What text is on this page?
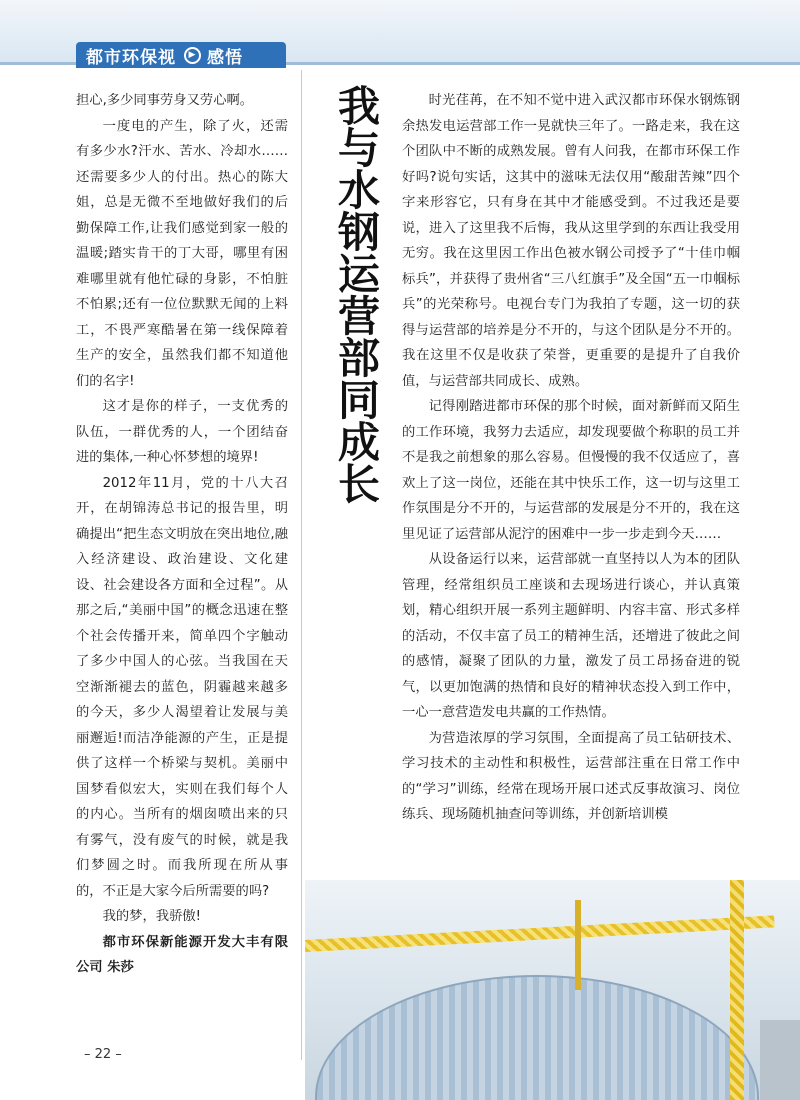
都市环保视	▶ 感悟

担心,多少同事劳身又劳心啊。

一度电的产生，除了火，还需有多少水?汗水、苦水、冷却水……还需要多少人的付出。热心的陈大姐，总是无微不至地做好我们的后勤保障工作,让我们感觉到家一般的温暖;踏实肯干的丁大哥，哪里有困难哪里就有他忙碌的身影，不怕脏不怕累;还有一位位默默无闻的上料工，不畏严寒酷暑在第一线保障着生产的安全，虽然我们都不知道他们的名字!

这才是你的样子，一支优秀的队伍，一群优秀的人，一个团结奋进的集体,一种心怀梦想的境界!

2012年11月，党的十八大召开，在胡锦涛总书记的报告里，明确提出“把生态文明放在突出地位,融入经济建设、政治建设、文化建设、社会建设各方面和全过程”。从那之后,“美丽中国”的概念迅速在整个社会传播开来，简单四个字触动了多少中国人的心弦。当我国在天空渐渐褪去的蓝色，阴霾越来越多的今天，多少人渴望着让发展与美丽邂逅!而洁净能源的产生，正是提供了这样一个桥梁与契机。美丽中国梦看似宏大，实则在我们每个人的内心。当所有的烟囱喷出来的只有雾气，没有废气的时候，就是我们梦圆之时。而我所现在所从事的，不正是大家今后所需要的吗?

我的梦，我骄傲!

都市环保新能源开发大丰有限公司 朱莎

我与水钢运营部同成长	时光荏苒，在不知不觉中进入武汉都市环保水钢炼钢余热发电运营部工作一晃就快三年了。一路走来，我在这个团队中不断的成熟发展。曾有人问我，在都市环保工作好吗?说句实话，这其中的滋味无法仅用“酸甜苦辣”四个字来形容它，只有身在其中才能感受到。不过我还是要说，进入了这里我不后悔，我从这里学到的东西让我受用无穷。我在这里因工作出色被水钢公司授予了“十佳巾帼标兵”，并获得了贵州省“三八红旗手”及全国“五一巾帼标兵”的光荣称号。电视台专门为我拍了专题，这一切的获得与运营部的培养是分不开的，与这个团队是分不开的。我在这里不仅是收获了荣誉，更重要的是提升了自我价值，与运营部共同成长、成熟。

记得刚踏进都市环保的那个时候，面对新鲜而又陌生的工作环境，我努力去适应，却发现要做个称职的员工并不是我之前想象的那么容易。但慢慢的我不仅适应了，喜欢上了这一岗位，还能在其中快乐工作，这一切与这里工作氛围是分不开的，与运营部的发展是分不开的，我在这里见证了运营部从泥泞的困难中一步一步走到今天……

从设备运行以来，运营部就一直坚持以人为本的团队管理，经常组织员工座谈和去现场进行谈心，并认真策划，精心组织开展一系列主题鲜明、内容丰富、形式多样的活动，不仅丰富了员工的精神生活，还增进了彼此之间的感情，凝聚了团队的力量，激发了员工昂扬奋进的锐气，以更加饱满的热情和良好的精神状态投入到工作中，一心一意营造发电共赢的工作热情。

为营造浓厚的学习氛围，全面提高了员工钻研技术、学习技术的主动性和积极性，运营部注重在日常工作中的“学习”训练，经常在现场开展口述式反事故演习、岗位练兵、现场随机抽查问等训练，并创新培训模

– 22 –
